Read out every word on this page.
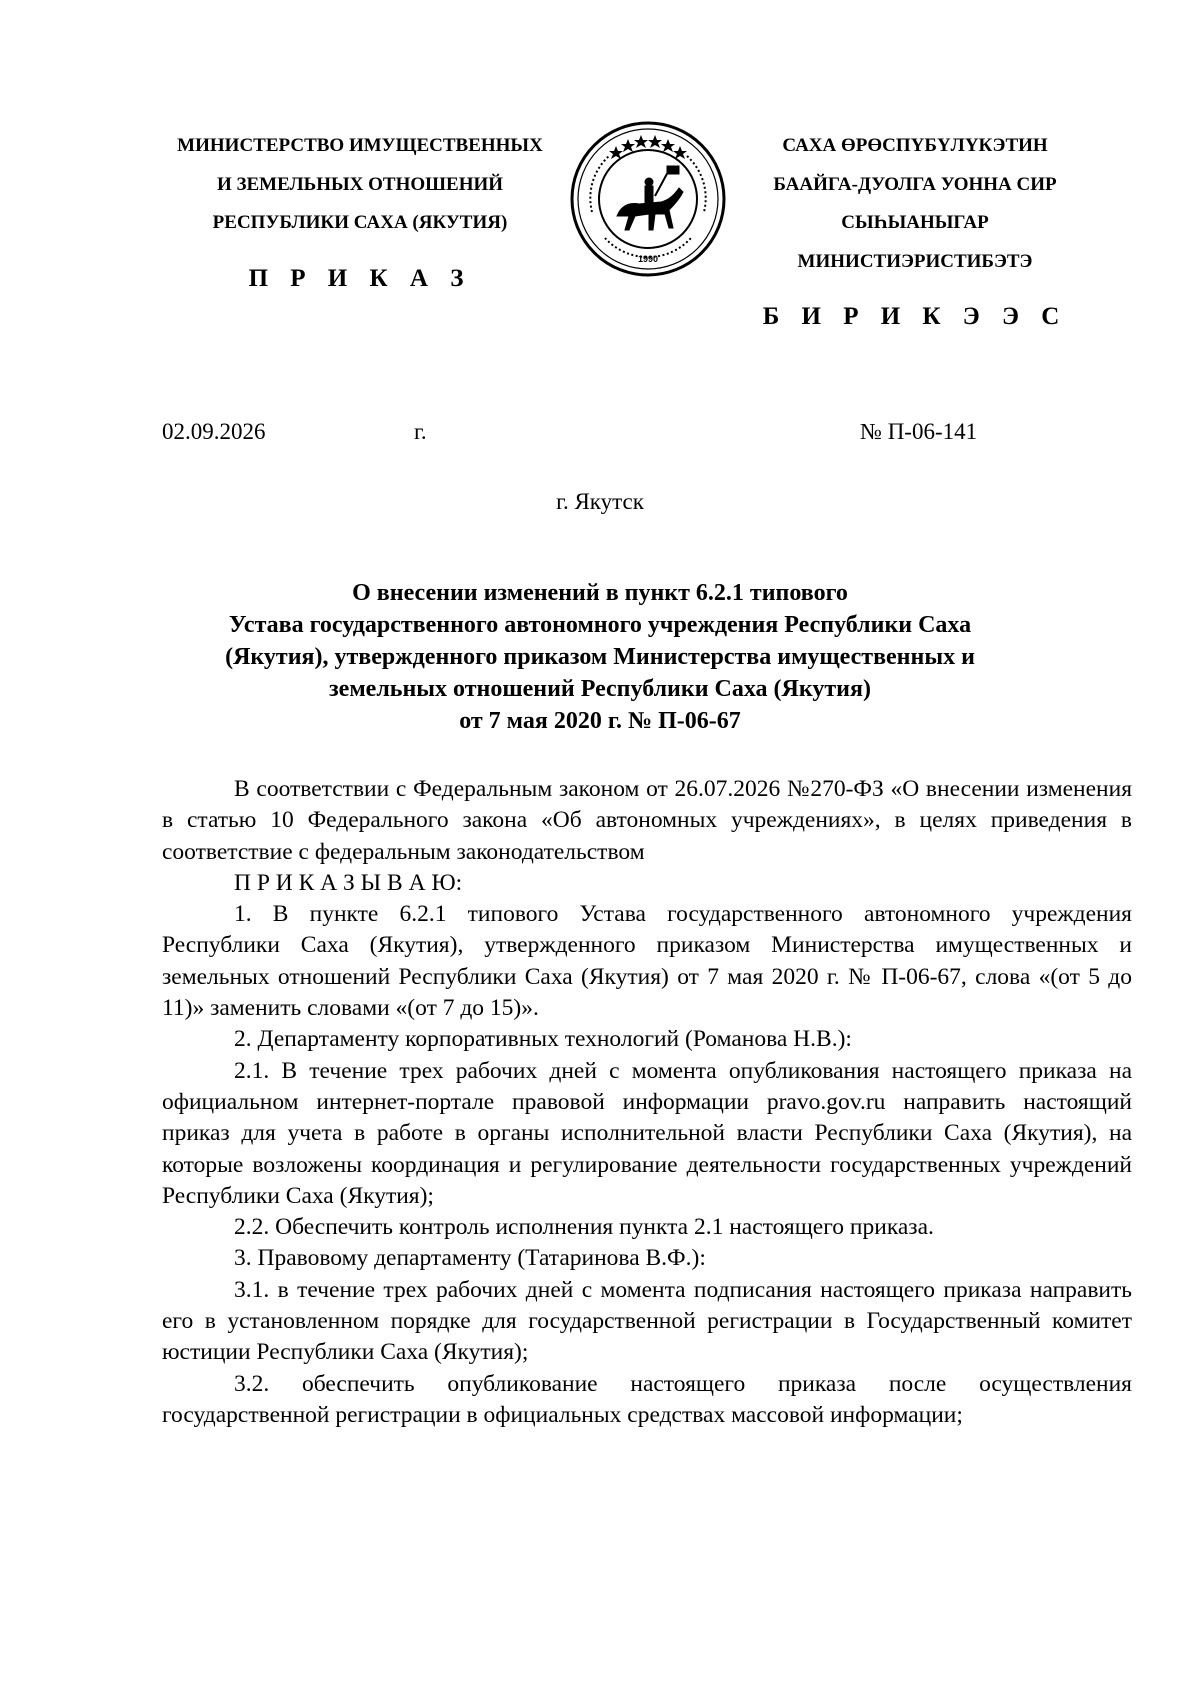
МИНИСТЕРСТВО ИМУЩЕСТВЕННЫХ
И ЗЕМЕЛЬНЫХ ОТНОШЕНИЙ
РЕСПУБЛИКИ САХА (ЯКУТИЯ)
П Р И К А З
1990
САХА ӨРӨСПҮБҮЛҮКЭТИН
БААЙГА-ДУОЛГА УОННА СИР
СЫҺЫАНЫГАР
МИНИСТИЭРИСТИБЭТЭ
Б И Р И К Э Э С
02.09.2026	г.	№ П-06-141
г. Якутск
О внесении изменений в пункт 6.2.1 типового
Устава государственного автономного учреждения Республики Саха
(Якутия), утвержденного приказом Министерства имущественных и
земельных отношений Республики Саха (Якутия)
от 7 мая 2020 г. № П-06-67

В соответствии с Федеральным законом от 26.07.2026 №270-ФЗ «О внесении изменения в статью 10 Федерального закона «Об автономных учреждениях», в целях приведения в соответствие с федеральным законодательством

П Р И К А З Ы В А Ю:

1. В пункте 6.2.1 типового Устава государственного автономного учреждения Республики Саха (Якутия), утвержденного приказом Министерства имущественных и земельных отношений Республики Саха (Якутия) от 7 мая 2020 г. № П-06-67, слова «(от 5 до 11)» заменить словами «(от 7 до 15)».

2. Департаменту корпоративных технологий (Романова Н.В.):

2.1. В течение трех рабочих дней с момента опубликования настоящего приказа на официальном интернет-портале правовой информации pravo.gov.ru направить настоящий приказ для учета в работе в органы исполнительной власти Республики Саха (Якутия), на которые возложены координация и регулирование деятельности государственных учреждений Республики Саха (Якутия);

2.2. Обеспечить контроль исполнения пункта 2.1 настоящего приказа.

3. Правовому департаменту (Татаринова В.Ф.):

3.1. в течение трех рабочих дней с момента подписания настоящего приказа направить его в установленном порядке для государственной регистрации в Государственный комитет юстиции Республики Саха (Якутия);

3.2. обеспечить опубликование настоящего приказа после осуществления государственной регистрации в официальных средствах массовой информации;
